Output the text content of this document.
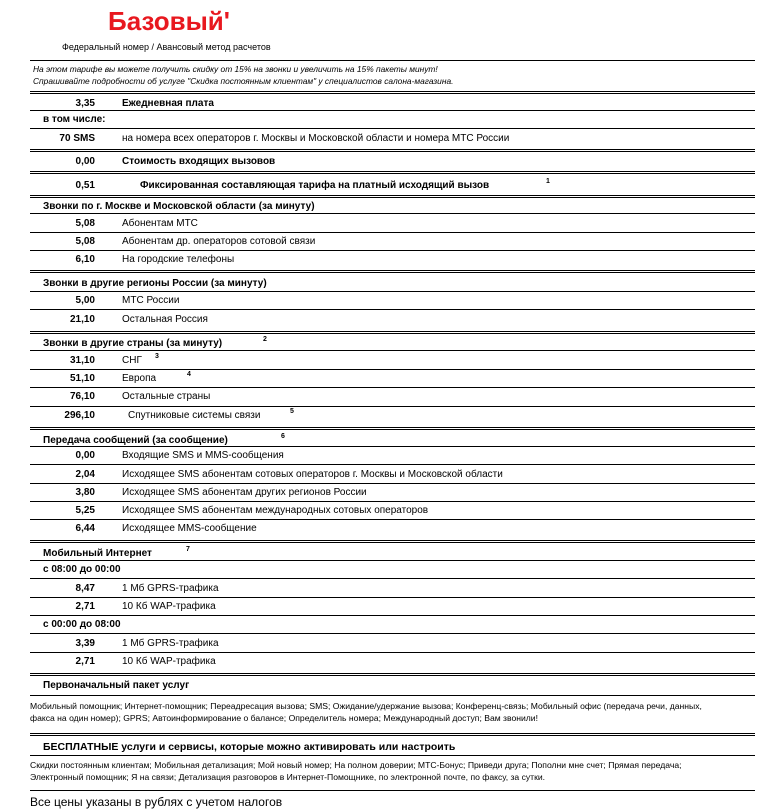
Базовый'
Федеральный номер / Авансовый метод расчетов
На этом тарифе вы можете получить скидку от 15% на звонки и увеличить на 15% пакеты минут!
Спрашивайте подробности об услуге "Скидка постоянным клиентам" у специалистов салона-магазина.
3,35	Ежедневная плата
в том числе:
70 SMS	на номера всех операторов г. Москвы и Московской области и номера МТС России
0,00	Стоимость входящих вызовов
0,51	Фиксированная составляющая тарифа на платный исходящий вызов	1
Звонки по г. Москве и Московской области (за минуту)
5,08	Абонентам МТС
5,08	Абонентам др. операторов сотовой связи
6,10	На городские телефоны
Звонки в другие регионы России (за минуту)
5,00	МТС России
21,10	Остальная Россия
Звонки в другие страны (за минуту)	2
31,10	СНГ 3
51,10	Европа	4
76,10	Остальные страны
296,10	Спутниковые системы связи	5
Передача сообщений (за сообщение)	6
0,00	Входящие SMS и MMS-сообщения
2,04	Исходящее SMS абонентам сотовых операторов г. Москвы и Московской области
3,80	Исходящее SMS абонентам других регионов России
5,25	Исходящее SMS абонентам международных сотовых операторов
6,44	Исходящее MMS-сообщение
Мобильный Интернет	7
с 08:00 до 00:00
8,47	1 Мб GPRS-трафика
2,71	10 Кб WAP-трафика
с 00:00 до 08:00
3,39	1 Мб GPRS-трафика
2,71	10 Кб WAP-трафика
Первоначальный пакет услуг
Мобильный помощник; Интернет-помощник; Переадресация вызова; SMS; Ожидание/удержание вызова; Конференц-связь; Мобильный офис (передача речи, данных,
факса на один номер); GPRS; Автоинформирование о балансе; Определитель номера; Международный доступ; Вам звонили!
БЕСПЛАТНЫЕ услуги и сервисы, которые можно активировать или настроить
Скидки постоянным клиентам; Мобильная детализация; Мой новый номер; На полном доверии; МТС-Бонус; Приведи друга; Пополни мне счет; Прямая передача;
Электронный помощник; Я на связи; Детализация разговоров в Интернет-Помощнике, по электронной почте, по факсу, за сутки.
Все цены указаны в рублях с учетом налогов
